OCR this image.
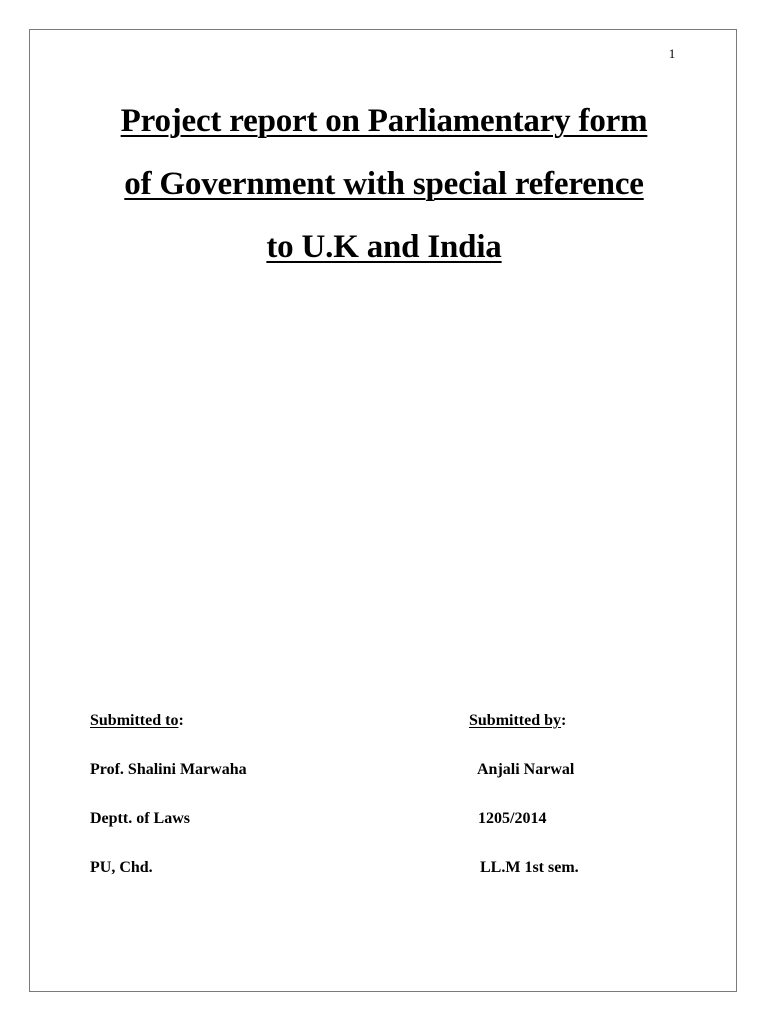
1
Project report on Parliamentary form
of Government with special reference
to U.K and India
Submitted to:
Prof. Shalini Marwaha
Deptt. of Laws
PU, Chd.
Submitted by:
Anjali Narwal
1205/2014
LL.M 1st sem.
